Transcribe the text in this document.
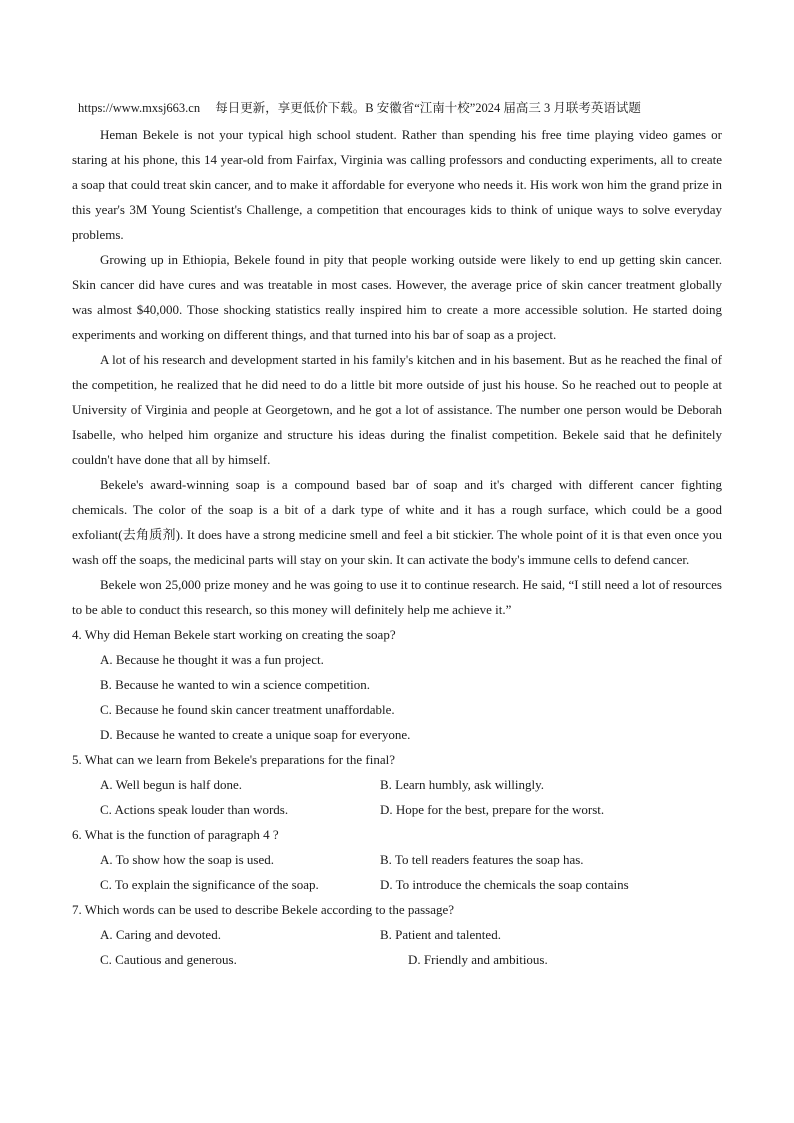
https://www.mxsj663.cn 每日更新，享更低价下载。B 安徽省“江南十校”2024 届高三 3 月联考英语试题

Heman Bekele is not your typical high school student. Rather than spending his free time playing video games or staring at his phone, this 14 year-old from Fairfax, Virginia was calling professors and conducting experiments, all to create a soap that could treat skin cancer, and to make it affordable for everyone who needs it. His work won him the grand prize in this year's 3M Young Scientist's Challenge, a competition that encourages kids to think of unique ways to solve everyday problems.

Growing up in Ethiopia, Bekele found in pity that people working outside were likely to end up getting skin cancer. Skin cancer did have cures and was treatable in most cases. However, the average price of skin cancer treatment globally was almost $40,000. Those shocking statistics really inspired him to create a more accessible solution. He started doing experiments and working on different things, and that turned into his bar of soap as a project.

A lot of his research and development started in his family's kitchen and in his basement. But as he reached the final of the competition, he realized that he did need to do a little bit more outside of just his house. So he reached out to people at University of Virginia and people at Georgetown, and he got a lot of assistance. The number one person would be Deborah Isabelle, who helped him organize and structure his ideas during the finalist competition. Bekele said that he definitely couldn't have done that all by himself.

Bekele's award-winning soap is a compound based bar of soap and it's charged with different cancer fighting chemicals. The color of the soap is a bit of a dark type of white and it has a rough surface, which could be a good exfoliant(去角质剂). It does have a strong medicine smell and feel a bit stickier. The whole point of it is that even once you wash off the soaps, the medicinal parts will stay on your skin. It can activate the body's immune cells to defend cancer.

Bekele won 25,000 prize money and he was going to use it to continue research. He said, “I still need a lot of resources to be able to conduct this research, so this money will definitely help me achieve it.”

4. Why did Heman Bekele start working on creating the soap?
A. Because he thought it was a fun project.
B. Because he wanted to win a science competition.
C. Because he found skin cancer treatment unaffordable.
D. Because he wanted to create a unique soap for everyone.
5. What can we learn from Bekele's preparations for the final?
A. Well begun is half done.	B. Learn humbly, ask willingly.
C. Actions speak louder than words.	D. Hope for the best, prepare for the worst.
6. What is the function of paragraph 4 ?
A. To show how the soap is used.	B. To tell readers features the soap has.
C. To explain the significance of the soap.	D. To introduce the chemicals the soap contains
7. Which words can be used to describe Bekele according to the passage?
A. Caring and devoted.	B. Patient and talented.
C. Cautious and generous.	D. Friendly and ambitious.
